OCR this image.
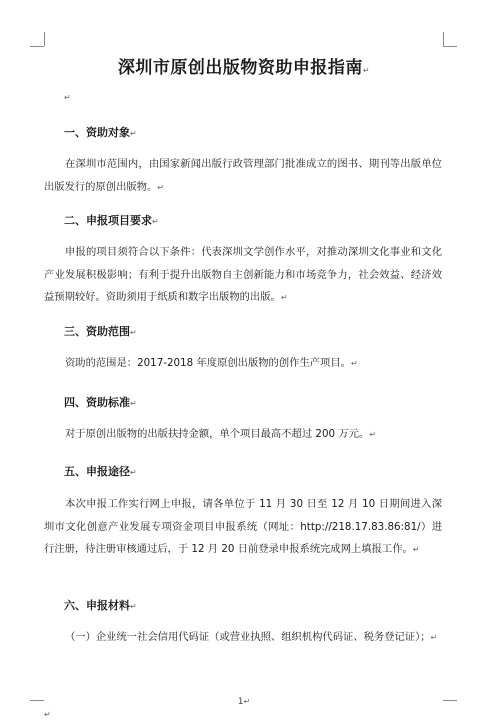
深圳市原创出版物资助申报指南↵
↵
一、资助对象↵
在深圳市范围内，由国家新闻出版行政管理部门批准成立的图书、期刊等出版单位出版发行的原创出版物。↵
二、申报项目要求↵
申报的项目须符合以下条件：代表深圳文学创作水平，对推动深圳文化事业和文化产业发展积极影响；有利于提升出版物自主创新能力和市场竞争力，社会效益、经济效益预期较好。资助须用于纸质和数字出版物的出版。↵
三、资助范围↵
资助的范围是：2017-2018 年度原创出版物的创作生产项目。↵
四、资助标准↵
对于原创出版物的出版扶持金额，单个项目最高不超过 200 万元。↵
五、申报途径↵
本次申报工作实行网上申报，请各单位于 11 月 30 日至 12 月 10 日期间进入深圳市文化创意产业发展专项资金项目申报系统（网址：http://218.17.83.86:81/）进行注册，待注册审核通过后，于 12 月 20 日前登录申报系统完成网上填报工作。↵
六、申报材料↵
（一）企业统一社会信用代码证（或营业执照、组织机构代码证、税务登记证）；↵
1↵
↵
